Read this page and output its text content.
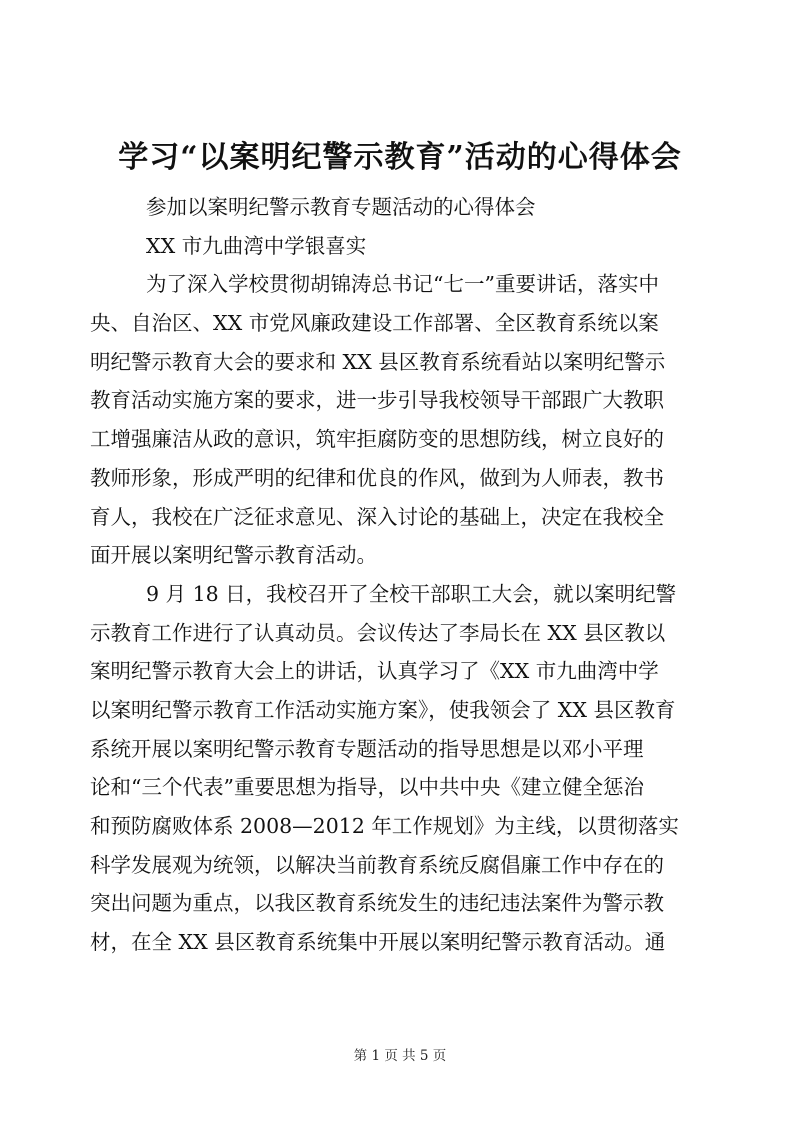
学习“以案明纪警示教育”活动的心得体会
参加以案明纪警示教育专题活动的心得体会
XX 市九曲湾中学银喜实
为了深入学校贯彻胡锦涛总书记“七一”重要讲话，落实中
央、自治区、XX 市党风廉政建设工作部署、全区教育系统以案
明纪警示教育大会的要求和 XX 县区教育系统看站以案明纪警示
教育活动实施方案的要求，进一步引导我校领导干部跟广大教职
工增强廉洁从政的意识，筑牢拒腐防变的思想防线，树立良好的
教师形象，形成严明的纪律和优良的作风，做到为人师表，教书
育人，我校在广泛征求意见、深入讨论的基础上，决定在我校全
面开展以案明纪警示教育活动。
9 月 18 日，我校召开了全校干部职工大会，就以案明纪警
示教育工作进行了认真动员。会议传达了李局长在 XX 县区教以
案明纪警示教育大会上的讲话，认真学习了《XX 市九曲湾中学
以案明纪警示教育工作活动实施方案》，使我领会了 XX 县区教育
系统开展以案明纪警示教育专题活动的指导思想是以邓小平理
论和“三个代表”重要思想为指导，以中共中央《建立健全惩治
和预防腐败体系 2008—2012 年工作规划》为主线，以贯彻落实
科学发展观为统领，以解决当前教育系统反腐倡廉工作中存在的
突出问题为重点，以我区教育系统发生的违纪违法案件为警示教
材，在全 XX 县区教育系统集中开展以案明纪警示教育活动。通
第 1 页 共 5 页
